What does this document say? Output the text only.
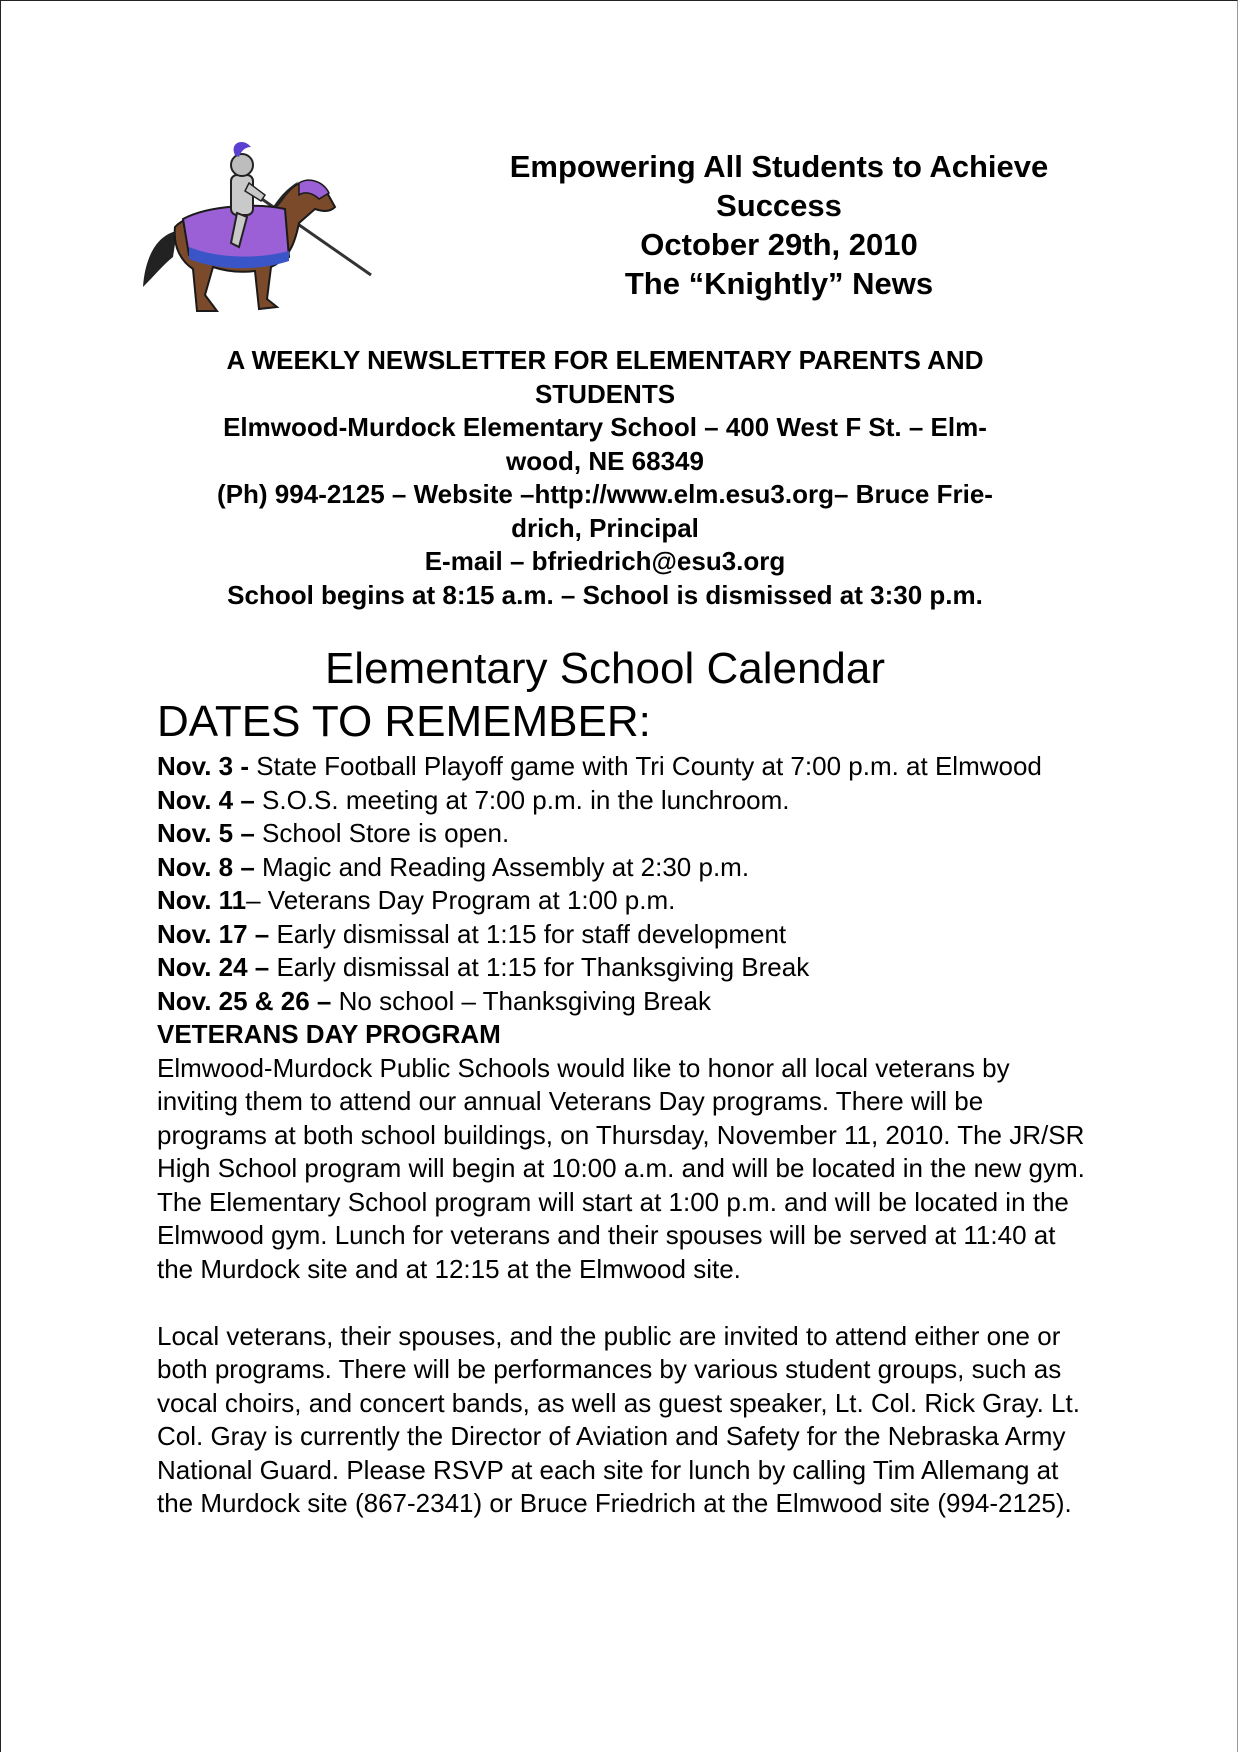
Empowering All Students to Achieve
Success
October 29th, 2010
The “Knightly” News
A WEEKLY NEWSLETTER FOR ELEMENTARY PARENTS AND
STUDENTS
Elmwood-Murdock Elementary School – 400 West F St. – Elm-
wood, NE 68349
(Ph) 994-2125 – Website –http://www.elm.esu3.org– Bruce Frie-
drich, Principal
E-mail – bfriedrich@esu3.org
School begins at 8:15 a.m. – School is dismissed at 3:30 p.m.
Elementary School Calendar
DATES TO REMEMBER:
Nov. 3 - State Football Playoff game with Tri County at 7:00 p.m. at Elmwood
Nov. 4 – S.O.S. meeting at 7:00 p.m. in the lunchroom.
Nov. 5 – School Store is open.
Nov. 8 – Magic and Reading Assembly at 2:30 p.m.
Nov. 11– Veterans Day Program at 1:00 p.m.
Nov. 17 – Early dismissal at 1:15 for staff development
Nov. 24 – Early dismissal at 1:15 for Thanksgiving Break
Nov. 25 & 26 – No school – Thanksgiving Break
VETERANS DAY PROGRAM

Elmwood-Murdock Public Schools would like to honor all local veterans by inviting them to attend our annual Veterans Day programs. There will be programs at both school buildings, on Thursday, November 11, 2010. The JR/SR High School program will begin at 10:00 a.m. and will be located in the new gym. The Elementary School program will start at 1:00 p.m. and will be located in the Elmwood gym. Lunch for veterans and their spouses will be served at 11:40 at the Murdock site and at 12:15 at the Elmwood site.

Local veterans, their spouses, and the public are invited to attend either one or both programs. There will be performances by various student groups, such as vocal choirs, and concert bands, as well as guest speaker, Lt. Col. Rick Gray. Lt. Col. Gray is currently the Director of Aviation and Safety for the Nebraska Army National Guard. Please RSVP at each site for lunch by calling Tim Allemang at the Murdock site (867-2341) or Bruce Friedrich at the Elmwood site (994-2125).
